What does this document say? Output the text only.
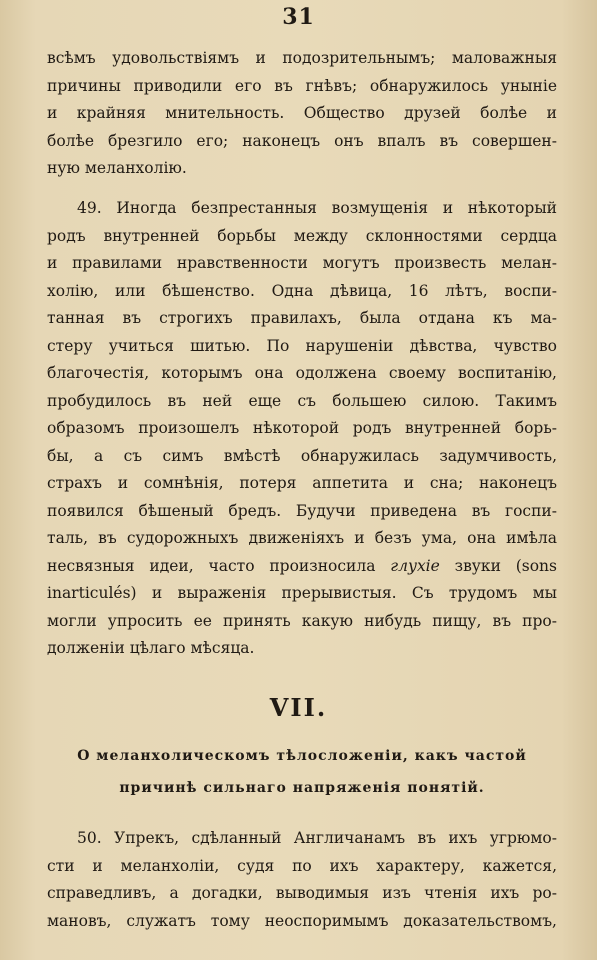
31
всѣмъ удовольствіямъ и подозрительнымъ; маловажныя
причины приводили его въ гнѣвъ; обнаружилось уныніе
и крайняя мнительность. Общество друзей болѣе и
болѣе брезгило его; наконецъ онъ впалъ въ совершен-
ную меланхолію.
49. Иногда безпрестанныя возмущенія и нѣкоторый
родъ внутренней борьбы между склонностями сердца
и правилами нравственности могутъ произвесть мелан-
холію, или бѣшенство. Одна дѣвица, 16 лѣтъ, воспи-
танная въ строгихъ правилахъ, была отдана къ ма-
стеру учиться шитью. По нарушеніи дѣвства, чувство
благочестія, которымъ она одолжена своему воспитанію,
пробудилось въ ней еще съ большею силою. Такимъ
образомъ произошелъ нѣкоторой родъ внутренней борь-
бы, а съ симъ вмѣстѣ обнаружилась задумчивость,
страхъ и сомнѣнія, потеря аппетита и сна; наконецъ
появился бѣшеный бредъ. Будучи приведена въ госпи-
таль, въ судорожныхъ движеніяхъ и безъ ума, она имѣла
несвязныя идеи, часто произносила глухіе звуки (sons
inarticulés) и выраженія прерывистыя. Съ трудомъ мы
могли упросить ее принять какую нибудь пищу, въ про-
долженіи цѣлаго мѣсяца.
VII.
О меланхолическомъ тѣлосложеніи, какъ частой
причинѣ сильнаго напряженія понятій.
50. Упрекъ, сдѣланный Англичанамъ въ ихъ угрюмо-
сти и меланхоліи, судя по ихъ характеру, кажется,
справедливъ, а догадки, выводимыя изъ чтенія ихъ ро-
мановъ, служатъ тому неоспоримымъ доказательствомъ,
